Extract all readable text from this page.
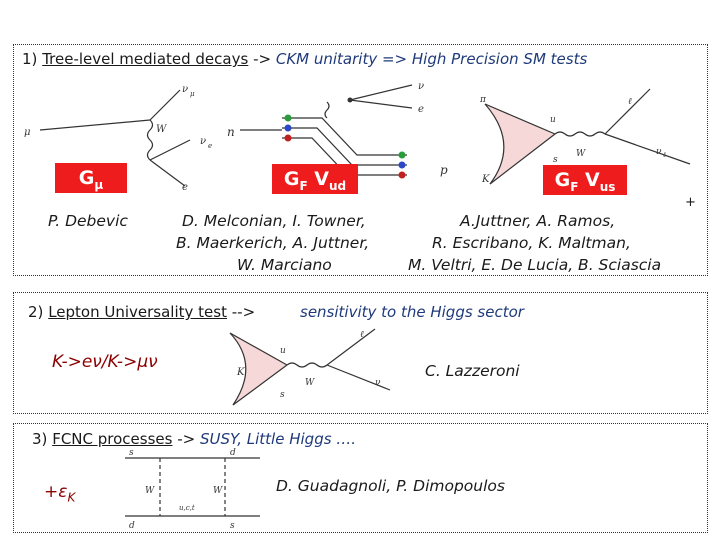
1) Tree-level mediated decays -> CKM unitarity => High Precision SM tests
ν μ
μ	W
ν e
e
n
ν
e
p
π	ℓ
u
W	ν ℓ
s
K
$G_\mu$	$G_F$ $V_{ud}$	$G_F$ $V_{us}$
+
P. Debevic	D. Melconian, I. Towner,
B. Maerkerich, A. Juttner,
W. Marciano
A.Juttner, A. Ramos,
R. Escribano, K. Maltman,
M. Veltri, E. De Lucia, B. Sciascia
2) Lepton Universality test -->	sensitivity to the Higgs sector
K->eν/K->μν
ℓ
u
W	ν
K
s
C. Lazzeroni
3) FCNC processes -> SUSY, Little Higgs ….
$+\varepsilon_K$
s	d
W	W
u,c,t
d	s
D. Guadagnoli, P. Dimopoulos
